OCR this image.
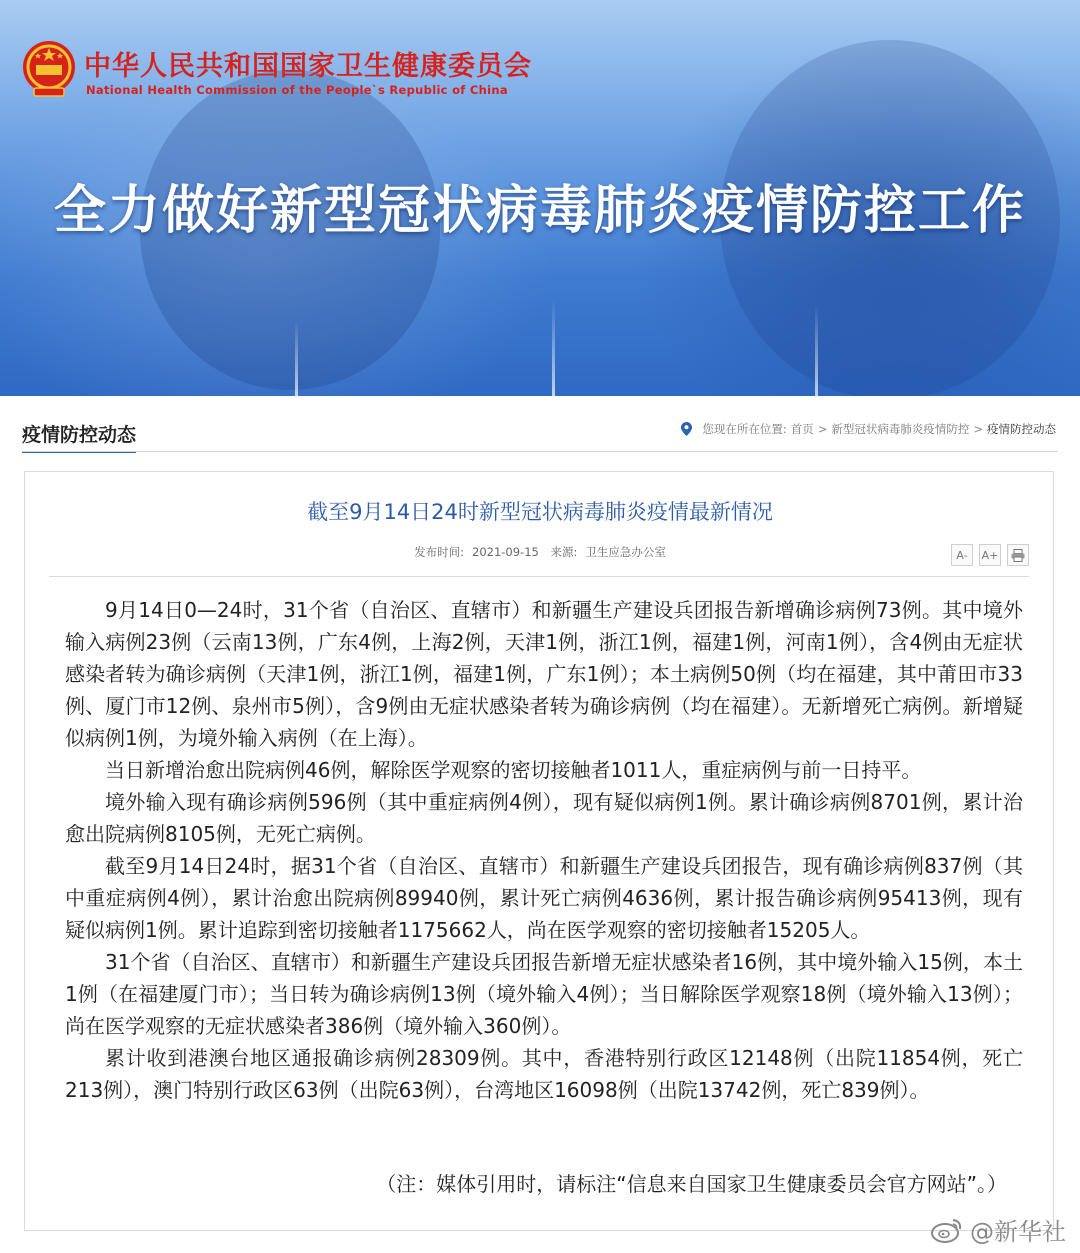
中华人民共和国国家卫生健康委员会
National Health Commission of the People`s Republic of China
全力做好新型冠状病毒肺炎疫情防控工作
疫情防控动态	您现在所在位置: 首页 > 新型冠状病毒肺炎疫情防控 > 疫情防控动态
截至9月14日24时新型冠状病毒肺炎疫情最新情况
发布时间: 2021-09-15 来源: 卫生应急办公室	A-	A+

9月14日0—24时，31个省（自治区、直辖市）和新疆生产建设兵团报告新增确诊病例73例。其中境外输入病例23例（云南13例，广东4例，上海2例，天津1例，浙江1例，福建1例，河南1例），含4例由无症状感染者转为确诊病例（天津1例，浙江1例，福建1例，广东1例）；本土病例50例（均在福建，其中莆田市33例、厦门市12例、泉州市5例），含9例由无症状感染者转为确诊病例（均在福建）。无新增死亡病例。新增疑似病例1例，为境外输入病例（在上海）。

当日新增治愈出院病例46例，解除医学观察的密切接触者1011人，重症病例与前一日持平。

境外输入现有确诊病例596例（其中重症病例4例），现有疑似病例1例。累计确诊病例8701例，累计治愈出院病例8105例，无死亡病例。

截至9月14日24时，据31个省（自治区、直辖市）和新疆生产建设兵团报告，现有确诊病例837例（其中重症病例4例），累计治愈出院病例89940例，累计死亡病例4636例，累计报告确诊病例95413例，现有疑似病例1例。累计追踪到密切接触者1175662人，尚在医学观察的密切接触者15205人。

31个省（自治区、直辖市）和新疆生产建设兵团报告新增无症状感染者16例，其中境外输入15例，本土1例（在福建厦门市）；当日转为确诊病例13例（境外输入4例）；当日解除医学观察18例（境外输入13例）；尚在医学观察的无症状感染者386例（境外输入360例）。

累计收到港澳台地区通报确诊病例28309例。其中，香港特别行政区12148例（出院11854例，死亡213例），澳门特别行政区63例（出院63例），台湾地区16098例（出院13742例，死亡839例）。

（注：媒体引用时，请标注“信息来自国家卫生健康委员会官方网站”。）
@新华社
